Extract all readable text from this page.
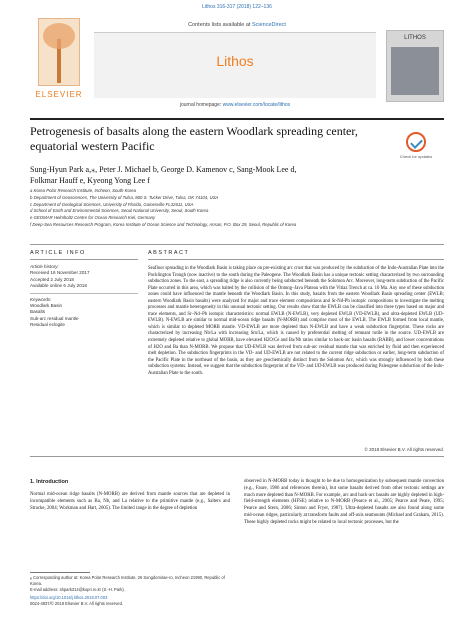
Lithos 316-317 (2018) 122–136
ELSEVIER
Contents lists available at ScienceDirect
Lithos
journal homepage: www.elsevier.com/locate/lithos
LITHOS
Petrogenesis of basalts along the eastern Woodlark spreading center, equatorial western Pacific
Check for updates
Sung-Hyun Park a,⁎, Peter J. Michael b, George D. Kamenov c, Sang-Mook Lee d,
Folkmar Hauff e, Kyeong Yong Lee f
a Korea Polar Research Institute, Incheon, South Korea
b Department of Geosciences, The University of Tulsa, 800 S. Tucker Drive, Tulsa, OK 74104, USA
c Department of Geological Sciences, University of Florida, Gainesville FL32611, USA
d School of Earth and Environmental Sciences, Seoul National University, Seoul, South Korea
e GEOMAR Helmholtz Centre for Ocean Research Kiel, Germany
f Deep-Sea Resources Research Program, Korea Institute of Ocean Science and Technology, Ansan, P.O. Box 29, Seoul, Republic of Korea
ARTICLE INFO	ABSTRACT
Article history:
Received 16 November 2017
Accepted 2 July 2018
Available online 6 July 2018
Keywords:
Woodlark Basin
Basalts
Sub-arc residual mantle
Residual eclogite
Seafloor spreading in the Woodlark Basin is taking place on pre-existing arc crust that was produced by the subduction of the Indo-Australian Plate into the Pocklington Trough (now inactive) to the south during the Paleogene. The Woodlark Basin has a unique tectonic setting characterized by two surrounding subduction zones. To the east, a spreading ridge is also currently being subducted beneath the Solomon Arc. Moreover, long-term subduction of the Pacific Plate occurred in this area, which was halted by the collision of the Ontong–Java Plateau with the Vitiaz Trench at ca. 10 Ma. Any one of these subduction zones could have influenced the mantle beneath the Woodlark Basin. In this study, basalts from the eastern Woodlark Basin spreading center (EWLB; eastern Woodlark Basin basalts) were analyzed for major and trace element compositions and Sr-Nd-Pb isotopic compositions to investigate the melting processes and mantle heterogeneity in this unusual tectonic setting. Our results show that the EWLB can be classified into three types based on major and trace elements, and Sr–Nd–Pb isotopic characteristics: normal EWLB (N-EWLB), very depleted EWLB (VD-EWLB), and ultra-depleted EWLB (UD-EWLB). N-EWLB are similar to normal mid-ocean ridge basalts (N-MORB) and comprise most of the EWLB. The EWLB formed from local mantle, which is similar to depleted MORB mantle. VD-EWLB are more depleted than N-EWLB and have a weak subduction fingerprint. These rocks are characterized by increasing Nb/La with increasing Sm/La, which is caused by preferential melting of remnant rutile in the source. UD-EWLB are extremely depleted relative to global MORB, have elevated H2O/Ce and Ba/Nb ratios similar to back-arc basin basalts (BABB), and lower concentrations of H2O and Ba than N-MORB. We propose that UD-EWLB was derived from sub-arc residual mantle that was enriched by fluid and then experienced melt depletion. The subduction fingerprints in the VD- and UD-EWLB are not related to the current ridge subduction or earlier, long-term subduction of the Pacific Plate in the northeast of the basin, as they are geochemically distinct from the Solomon Arc, which was strongly influenced by both these subduction systems. Instead, we suggest that the subduction fingerprint of the VD- and UD-EWLB was produced during Paleogene subduction of the Indo-Australian Plate to the south.
© 2018 Elsevier B.V. All rights reserved.
1. Introduction
Normal mid-ocean ridge basalts (N-MORB) are derived from mantle sources that are depleted in incompatible elements such as Ba, Nb, and La relative to the primitive mantle (e.g., Salters and Stracke, 2004; Workman and Hart, 2005). The limited range in the degree of depletion
observed in N-MORB today is thought to be due to homogenization by subsequent mantle convection (e.g., Faure, 1986 and references therein), but some basalts derived from other tectonic settings are much more depleted than N-MORB. For example, arc and back-arc basalts are highly depleted in high-field-strength elements (HFSE) relative to N-MORB (Pearce et al., 2005; Pearce and Peate, 1995; Pearce and Stern, 2006; Sinton and Fryer, 1987). Ultra-depleted basalts are also found along some mid-ocean ridges, particularly at transform faults and off-axis seamounts (Michael and Graham, 2015). These highly depleted rocks might be related to local tectonic processes, but the
⁎ Corresponding author at: Korea Polar Research Institute, 26 Songdomirae-ro, Incheon 21990, Republic of Korea.
E-mail address: shpark314@kopri.re.kr (S.-H. Park).
https://doi.org/10.1016/j.lithos.2018.07.003
0024-4937/© 2018 Elsevier B.V. All rights reserved.
